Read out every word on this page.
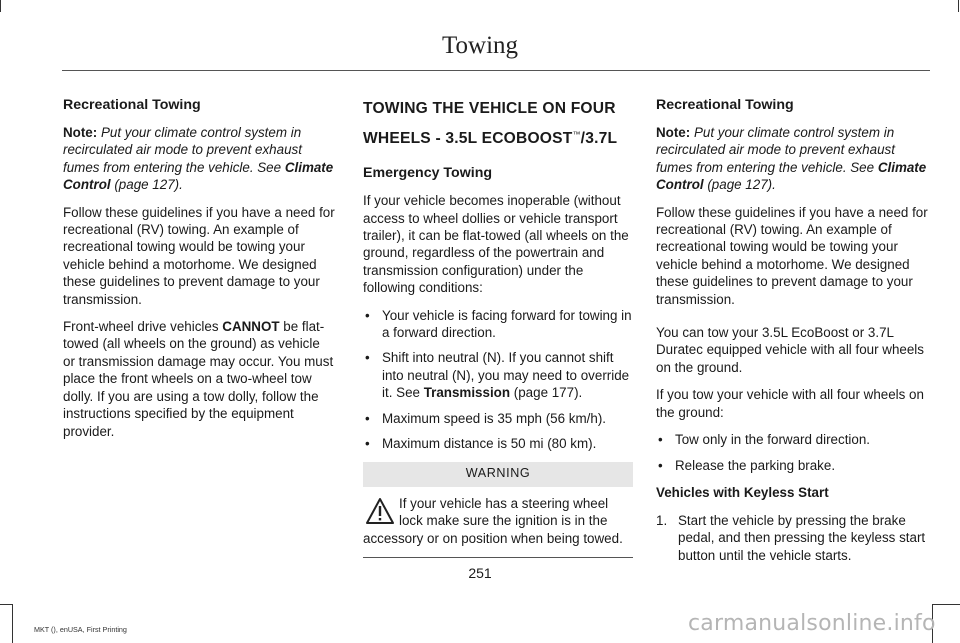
Towing
Recreational Towing

Note: Put your climate control system in recirculated air mode to prevent exhaust fumes from entering the vehicle. See Climate Control (page 127).

Follow these guidelines if you have a need for recreational (RV) towing. An example of recreational towing would be towing your vehicle behind a motorhome. We designed these guidelines to prevent damage to your transmission.

Front-wheel drive vehicles CANNOT be flat-towed (all wheels on the ground) as vehicle or transmission damage may occur. You must place the front wheels on a two-wheel tow dolly. If you are using a tow dolly, follow the instructions specified by the equipment provider.

TOWING THE VEHICLE ON FOUR
WHEELS - 3.5L ECOBOOST™/3.7L
Emergency Towing

If your vehicle becomes inoperable (without access to wheel dollies or vehicle transport trailer), it can be flat-towed (all wheels on the ground, regardless of the powertrain and transmission configuration) under the following conditions:

• Your vehicle is facing forward for towing in a forward direction.
• Shift into neutral (N). If you cannot shift into neutral (N), you may need to override it. See Transmission (page 177).
• Maximum speed is 35 mph (56 km/h).
• Maximum distance is 50 mi (80 km).
WARNING
If your vehicle has a steering wheel lock make sure the ignition is in the accessory or on position when being towed.
Recreational Towing

Note: Put your climate control system in recirculated air mode to prevent exhaust fumes from entering the vehicle. See Climate Control (page 127).

Follow these guidelines if you have a need for recreational (RV) towing. An example of recreational towing would be towing your vehicle behind a motorhome. We designed these guidelines to prevent damage to your transmission.

You can tow your 3.5L EcoBoost or 3.7L Duratec equipped vehicle with all four wheels on the ground.

If you tow your vehicle with all four wheels on the ground:

• Tow only in the forward direction.
• Release the parking brake.
Vehicles with Keyless Start
1. Start the vehicle by pressing the brake pedal, and then pressing the keyless start button until the vehicle starts.
251
MKT (), enUSA, First Printing	carmanualsonline.info
